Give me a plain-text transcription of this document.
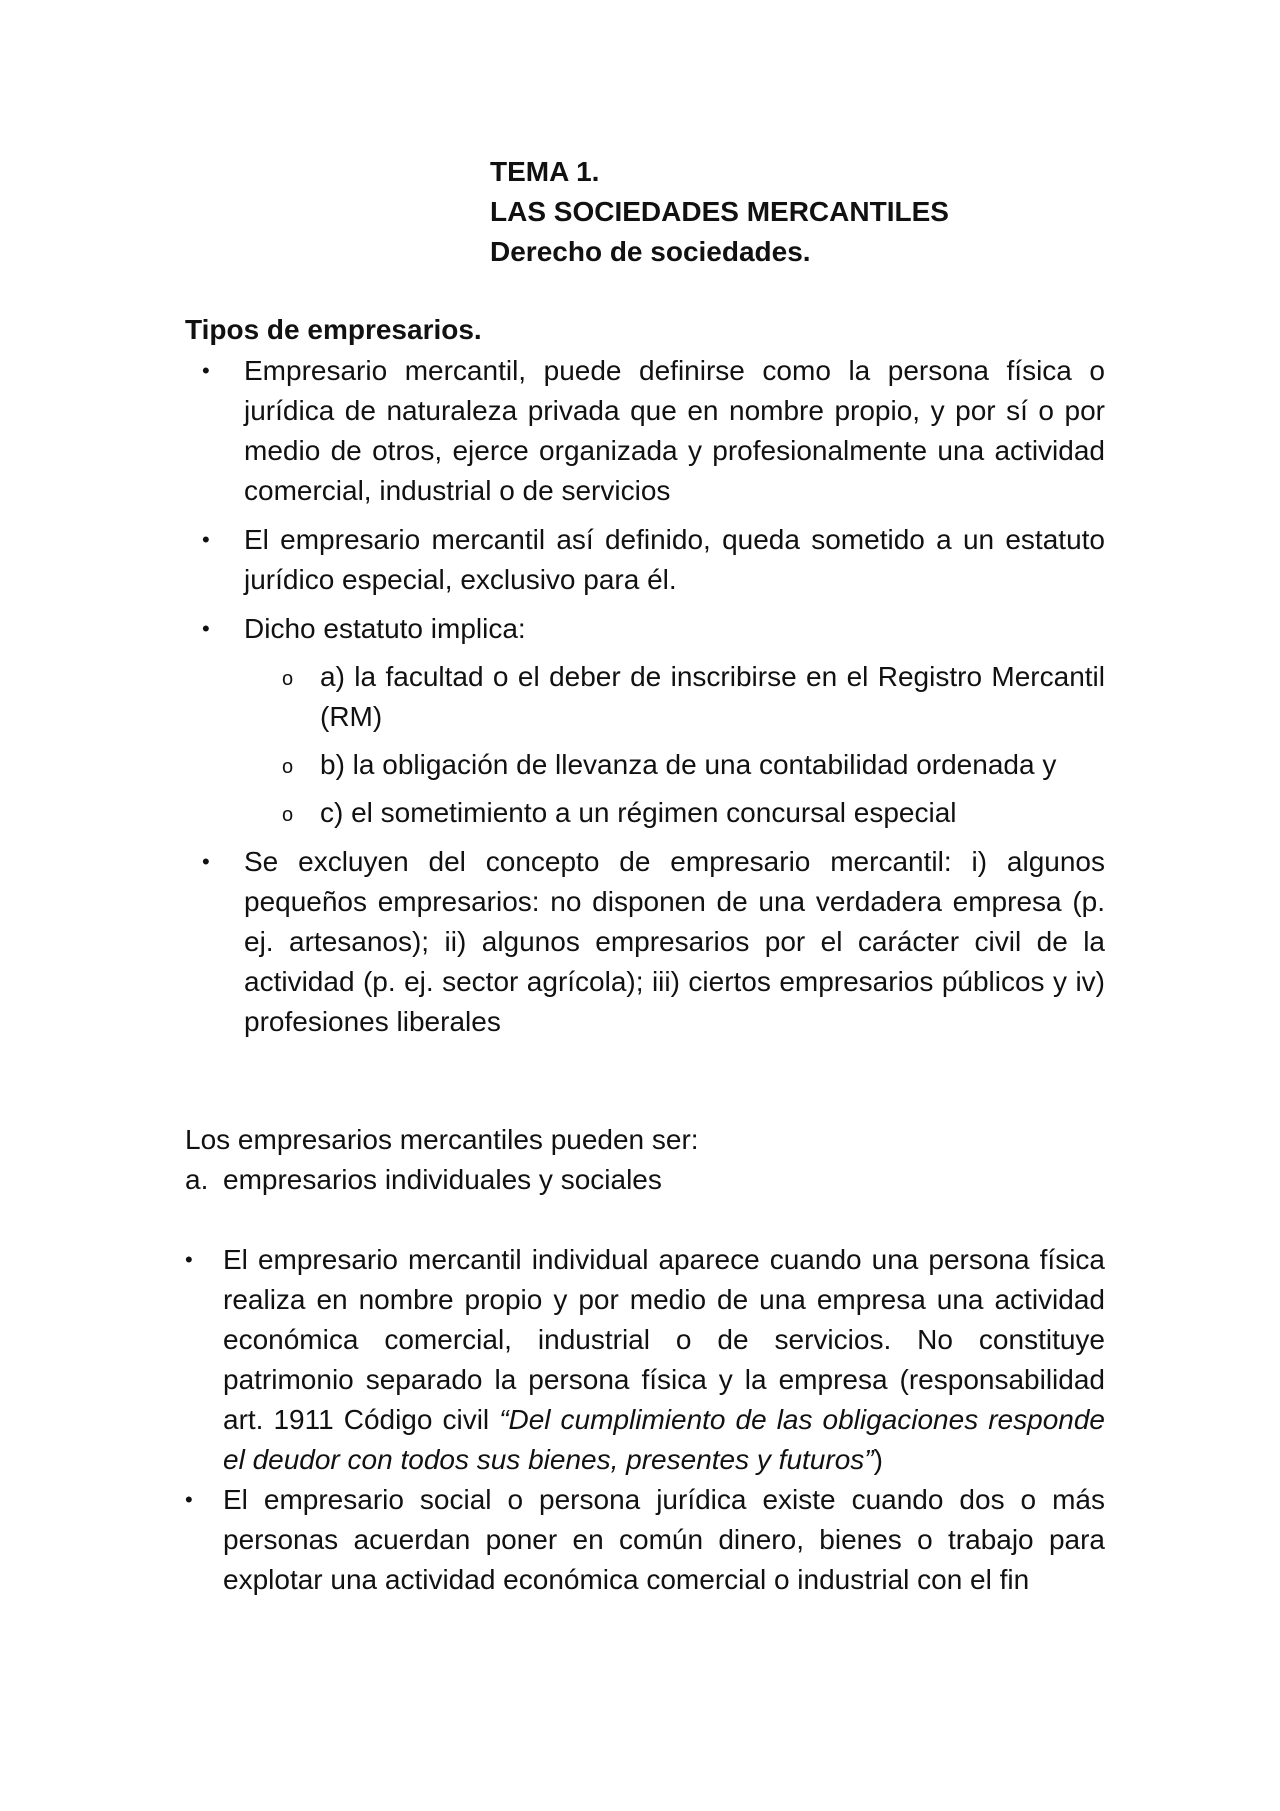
TEMA 1.
LAS SOCIEDADES MERCANTILES
Derecho de sociedades.
Tipos de empresarios.
• Empresario mercantil, puede definirse como la persona física o jurídica de naturaleza privada que en nombre propio, y por sí o por medio de otros, ejerce organizada y profesionalmente una actividad comercial, industrial o de servicios
• El empresario mercantil así definido, queda sometido a un estatuto jurídico especial, exclusivo para él.
• Dicho estatuto implica:
o a) la facultad o el deber de inscribirse en el Registro Mercantil (RM)
o b) la obligación de llevanza de una contabilidad ordenada y
o c) el sometimiento a un régimen concursal especial
• Se excluyen del concepto de empresario mercantil: i) algunos pequeños empresarios: no disponen de una verdadera empresa (p. ej. artesanos); ii) algunos empresarios por el carácter civil de la actividad (p. ej. sector agrícola); iii) ciertos empresarios públicos y iv) profesiones liberales
Los empresarios mercantiles pueden ser:
a. empresarios individuales y sociales
• El empresario mercantil individual aparece cuando una persona física realiza en nombre propio y por medio de una empresa una actividad económica comercial, industrial o de servicios. No constituye patrimonio separado la persona física y la empresa (responsabilidad art. 1911 Código civil “Del cumplimiento de las obligaciones responde el deudor con todos sus bienes, presentes y futuros”)
• El empresario social o persona jurídica existe cuando dos o más personas acuerdan poner en común dinero, bienes o trabajo para explotar una actividad económica comercial o industrial con el fin
